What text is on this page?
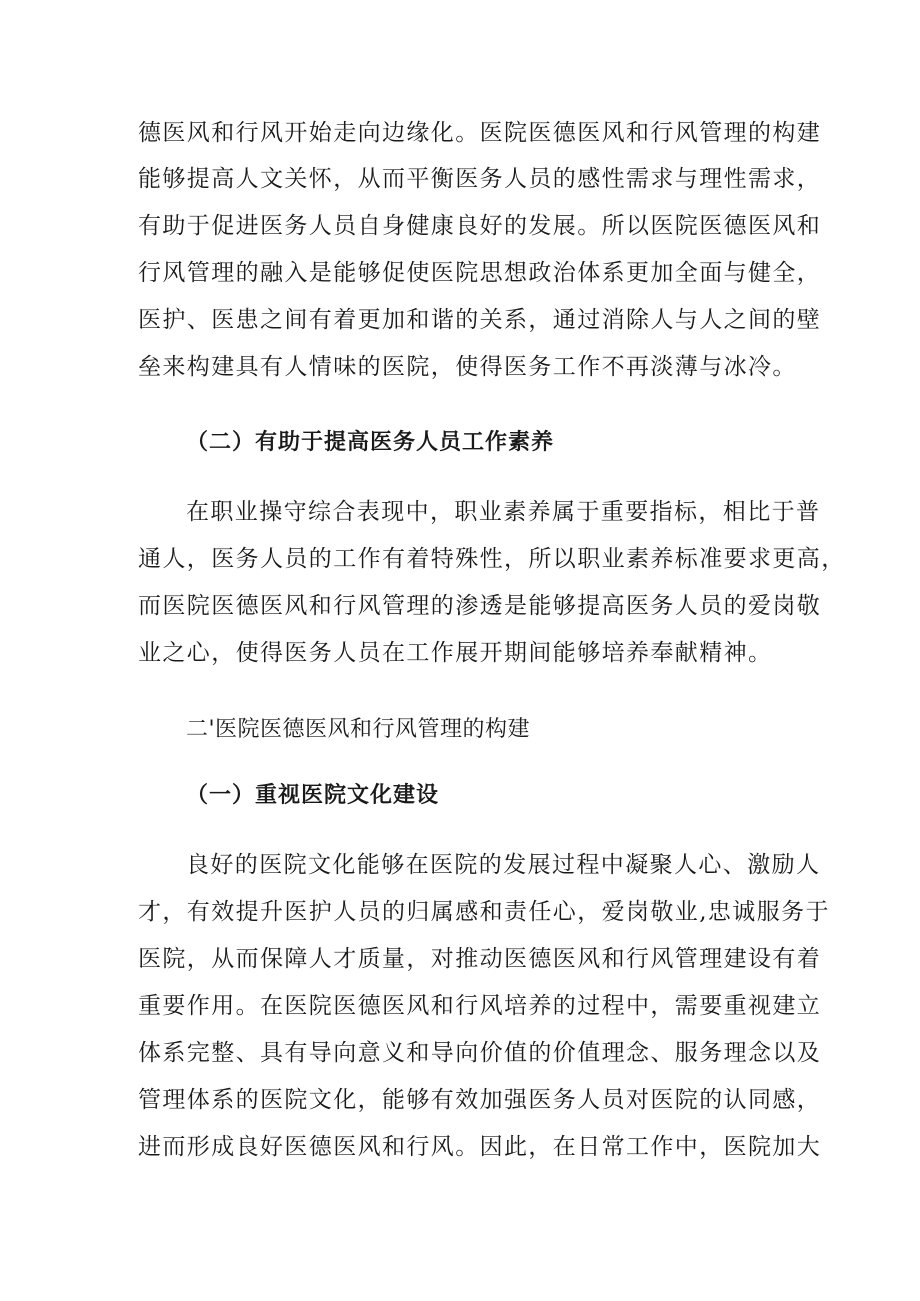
德医风和行风开始走向边缘化。医院医德医风和行风管理的构建
能够提高人文关怀，从而平衡医务人员的感性需求与理性需求，
有助于促进医务人员自身健康良好的发展。所以医院医德医风和
行风管理的融入是能够促使医院思想政治体系更加全面与健全，
医护、医患之间有着更加和谐的关系，通过消除人与人之间的壁
垒来构建具有人情味的医院，使得医务工作不再淡薄与冰冷。
（二）有助于提高医务人员工作素养
在职业操守综合表现中，职业素养属于重要指标，相比于普
通人，医务人员的工作有着特殊性，所以职业素养标准要求更高，
而医院医德医风和行风管理的渗透是能够提高医务人员的爱岗敬
业之心，使得医务人员在工作展开期间能够培养奉献精神。
二'医院医德医风和行风管理的构建
（一）重视医院文化建设
良好的医院文化能够在医院的发展过程中凝聚人心、激励人
才，有效提升医护人员的归属感和责任心，爱岗敬业,忠诚服务于
医院，从而保障人才质量，对推动医德医风和行风管理建设有着
重要作用。在医院医德医风和行风培养的过程中，需要重视建立
体系完整、具有导向意义和导向价值的价值理念、服务理念以及
管理体系的医院文化，能够有效加强医务人员对医院的认同感，
进而形成良好医德医风和行风。因此，在日常工作中，医院加大
